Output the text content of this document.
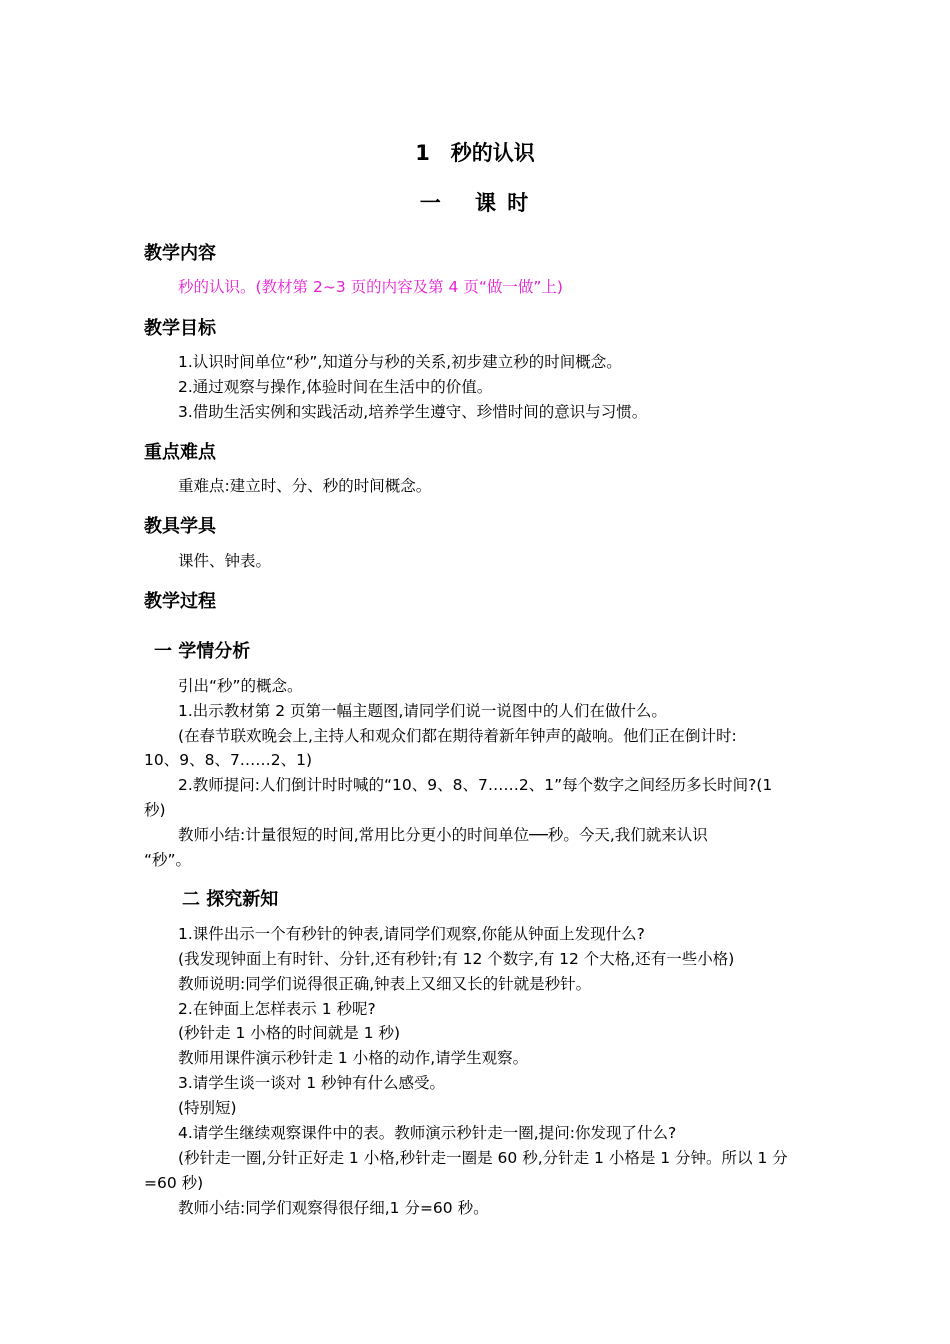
1　秒的认识
一　 课 时
教学内容
秒的认识。(教材第 2~3 页的内容及第 4 页“做一做”上)
教学目标
1.认识时间单位“秒”,知道分与秒的关系,初步建立秒的时间概念。
2.通过观察与操作,体验时间在生活中的价值。
3.借助生活实例和实践活动,培养学生遵守、珍惜时间的意识与习惯。
重点难点
重难点:建立时、分、秒的时间概念。
教具学具
课件、钟表。
教学过程
一 学情分析
引出“秒”的概念。
1.出示教材第 2 页第一幅主题图,请同学们说一说图中的人们在做什么。
(在春节联欢晚会上,主持人和观众们都在期待着新年钟声的敲响。他们正在倒计时:
10、9、8、7……2、1)
2.教师提问:人们倒计时时喊的“10、9、8、7……2、1”每个数字之间经历多长时间?(1
秒)
教师小结:计量很短的时间,常用比分更小的时间单位──秒。今天,我们就来认识
“秒”。
二 探究新知
1.课件出示一个有秒针的钟表,请同学们观察,你能从钟面上发现什么?
(我发现钟面上有时针、分针,还有秒针;有 12 个数字,有 12 个大格,还有一些小格)
教师说明:同学们说得很正确,钟表上又细又长的针就是秒针。
2.在钟面上怎样表示 1 秒呢?
(秒针走 1 小格的时间就是 1 秒)
教师用课件演示秒针走 1 小格的动作,请学生观察。
3.请学生谈一谈对 1 秒钟有什么感受。
(特别短)
4.请学生继续观察课件中的表。教师演示秒针走一圈,提问:你发现了什么?
(秒针走一圈,分针正好走 1 小格,秒针走一圈是 60 秒,分针走 1 小格是 1 分钟。所以 1 分
=60 秒)
教师小结:同学们观察得很仔细,1 分=60 秒。
